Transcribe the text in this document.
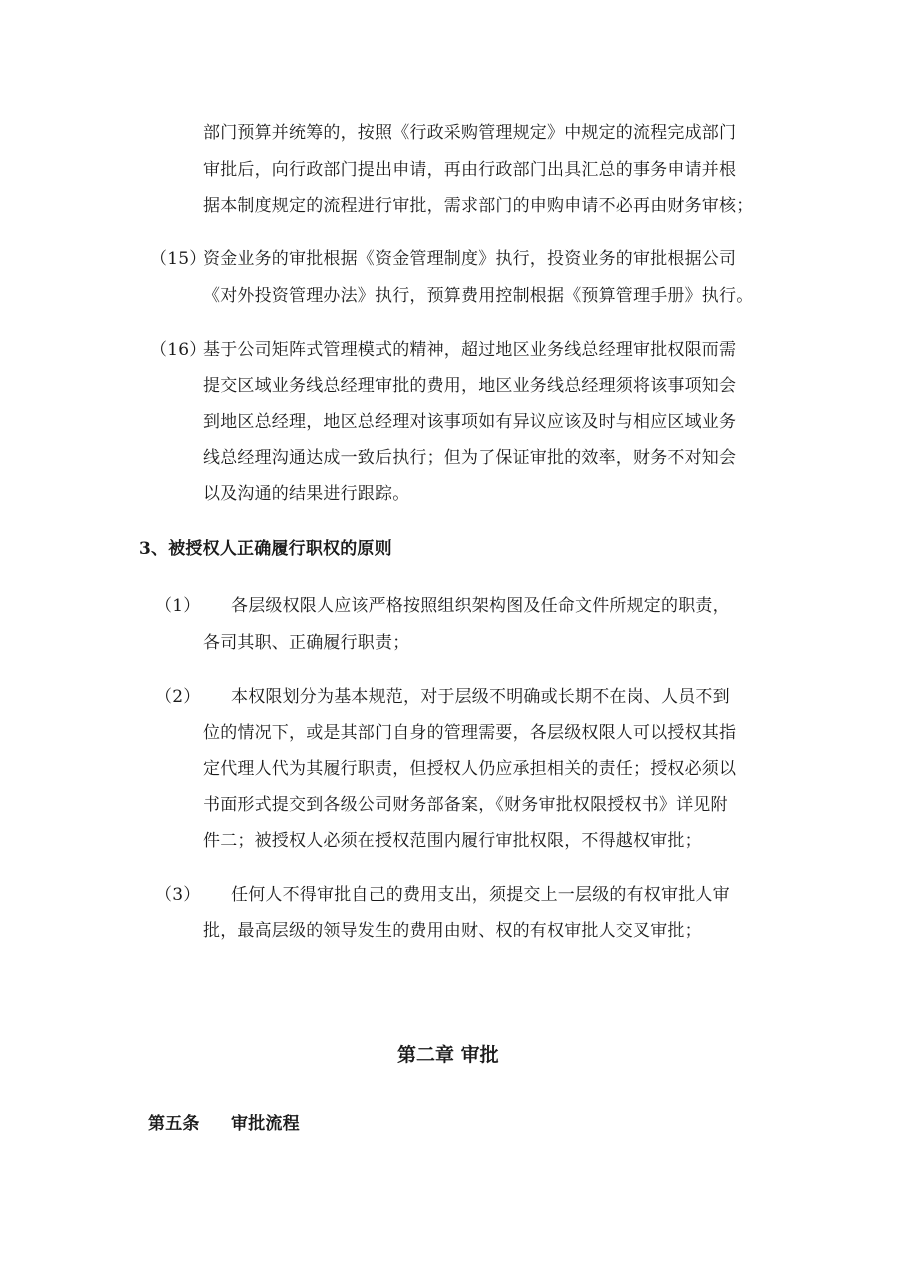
部门预算并统筹的，按照《行政采购管理规定》中规定的流程完成部门
审批后，向行政部门提出申请，再由行政部门出具汇总的事务申请并根
据本制度规定的流程进行审批，需求部门的申购申请不必再由财务审核；
（15）
资金业务的审批根据《资金管理制度》执行，投资业务的审批根据公司
《对外投资管理办法》执行，预算费用控制根据《预算管理手册》执行。
（16）
基于公司矩阵式管理模式的精神，超过地区业务线总经理审批权限而需
提交区域业务线总经理审批的费用，地区业务线总经理须将该事项知会
到地区总经理，地区总经理对该事项如有异议应该及时与相应区域业务
线总经理沟通达成一致后执行；但为了保证审批的效率，财务不对知会
以及沟通的结果进行跟踪。
3、被授权人正确履行职权的原则
（1） 各层级权限人应该严格按照组织架构图及任命文件所规定的职责，
各司其职、正确履行职责；
（2） 本权限划分为基本规范，对于层级不明确或长期不在岗、人员不到
位的情况下，或是其部门自身的管理需要，各层级权限人可以授权其指
定代理人代为其履行职责，但授权人仍应承担相关的责任；授权必须以
书面形式提交到各级公司财务部备案，《财务审批权限授权书》详见附
件二；被授权人必须在授权范围内履行审批权限，不得越权审批；
（3） 任何人不得审批自己的费用支出，须提交上一层级的有权审批人审
批，最高层级的领导发生的费用由财、权的有权审批人交叉审批；
第二章 审批
第五条 审批流程
